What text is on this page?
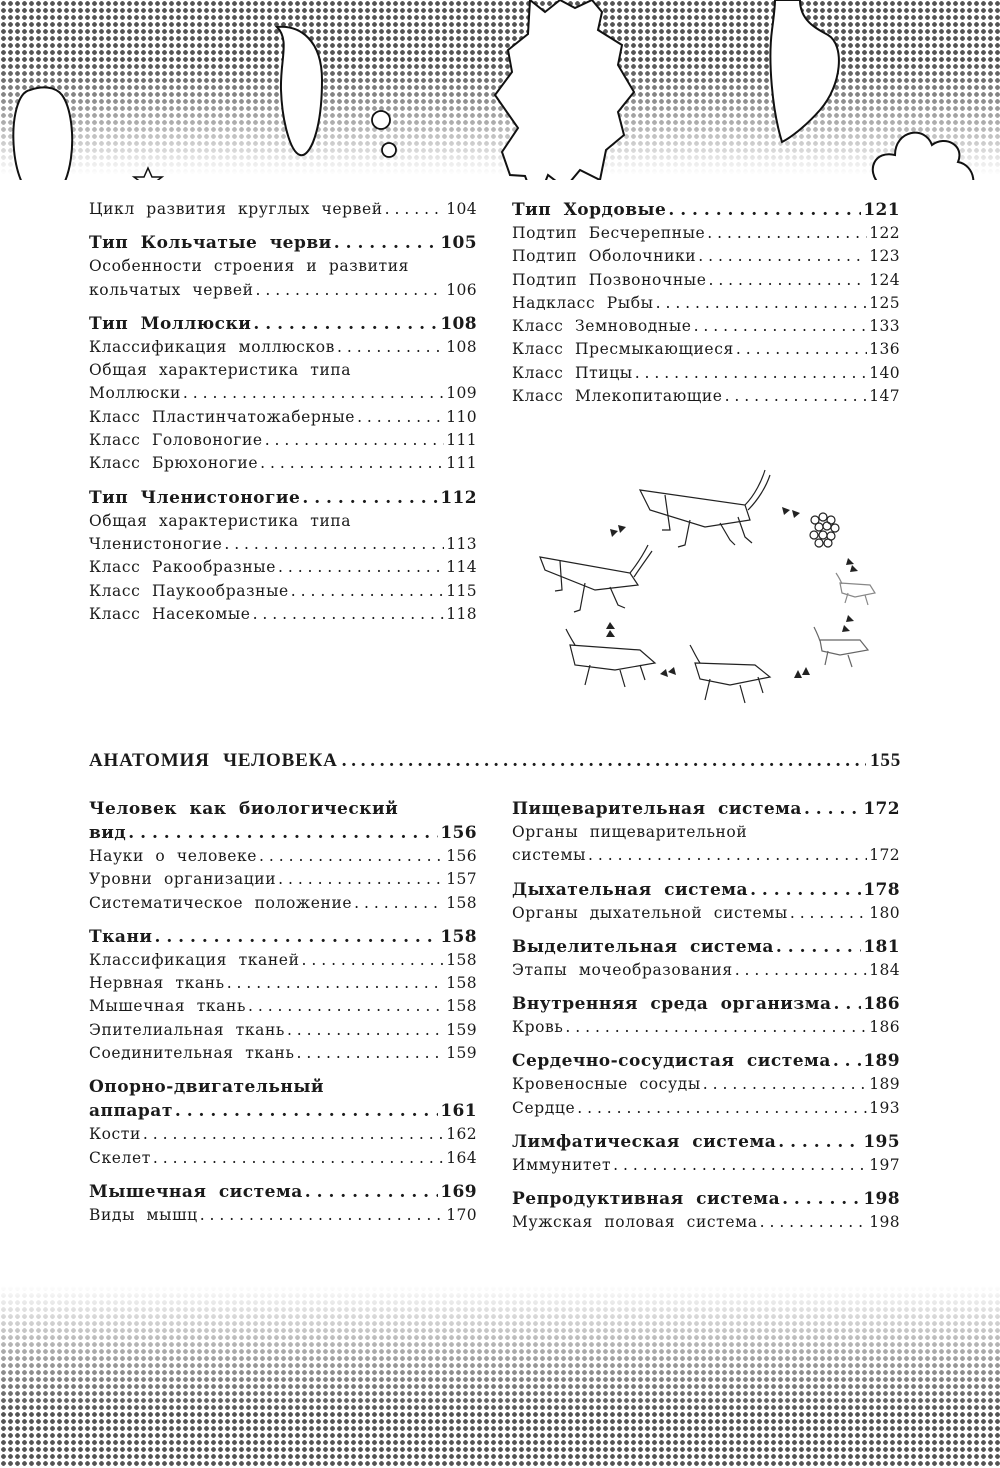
Цикл развития круглых червей . . .	104
Тип Кольчатые черви . . .	105
Особенности строения и развития
кольчатых червей . . .	106
Тип Моллюски . . .	108
Классификация моллюсков . . .	108
Общая характеристика типа
Моллюски . . .	109
Класс Пластинчатожаберные . . .	110
Класс Головоногие . . .	111
Класс Брюхоногие . . .	111
Тип Членистоногие . . .	112
Общая характеристика типа
Членистоногие . . .	113
Класс Ракообразные . . .	114
Класс Паукообразные . . .	115
Класс Насекомые . . .	118
Тип Хордовые . . .	121
Подтип Бесчерепные . . .	122
Подтип Оболочники . . .	123
Подтип Позвоночные . . .	124
Надкласс Рыбы . . .	125
Класс Земноводные . . .	133
Класс Пресмыкающиеся . . .	136
Класс Птицы . . .	140
Класс Млекопитающие . . .	147
АНАТОМИЯ ЧЕЛОВЕКА . . .	155
Человек как биологический
вид . . .	156
Науки о человеке . . .	156
Уровни организации . . .	157
Систематическое положение . . .	158
Ткани . . .	158
Классификация тканей . . .	158
Нервная ткань . . .	158
Мышечная ткань . . .	158
Эпителиальная ткань . . .	159
Соединительная ткань . . .	159
Опорно-двигательный
аппарат . . .	161
Кости . . .	162
Скелет . . .	164
Мышечная система . . .	169
Виды мышц . . .	170
Пищеварительная система . . .	172
Органы пищеварительной
системы . . .	172
Дыхательная система . . .	178
Органы дыхательной системы . . .	180
Выделительная система . . .	181
Этапы мочеобразования . . .	184
Внутренняя среда организма . . . 186
Кровь . . .	186
Сердечно-сосудистая система . . . 189
Кровеносные сосуды . . .	189
Сердце . . .	193
Лимфатическая система . . .	195
Иммунитет . . .	197
Репродуктивная система . . .	198
Мужская половая система . . .	198
